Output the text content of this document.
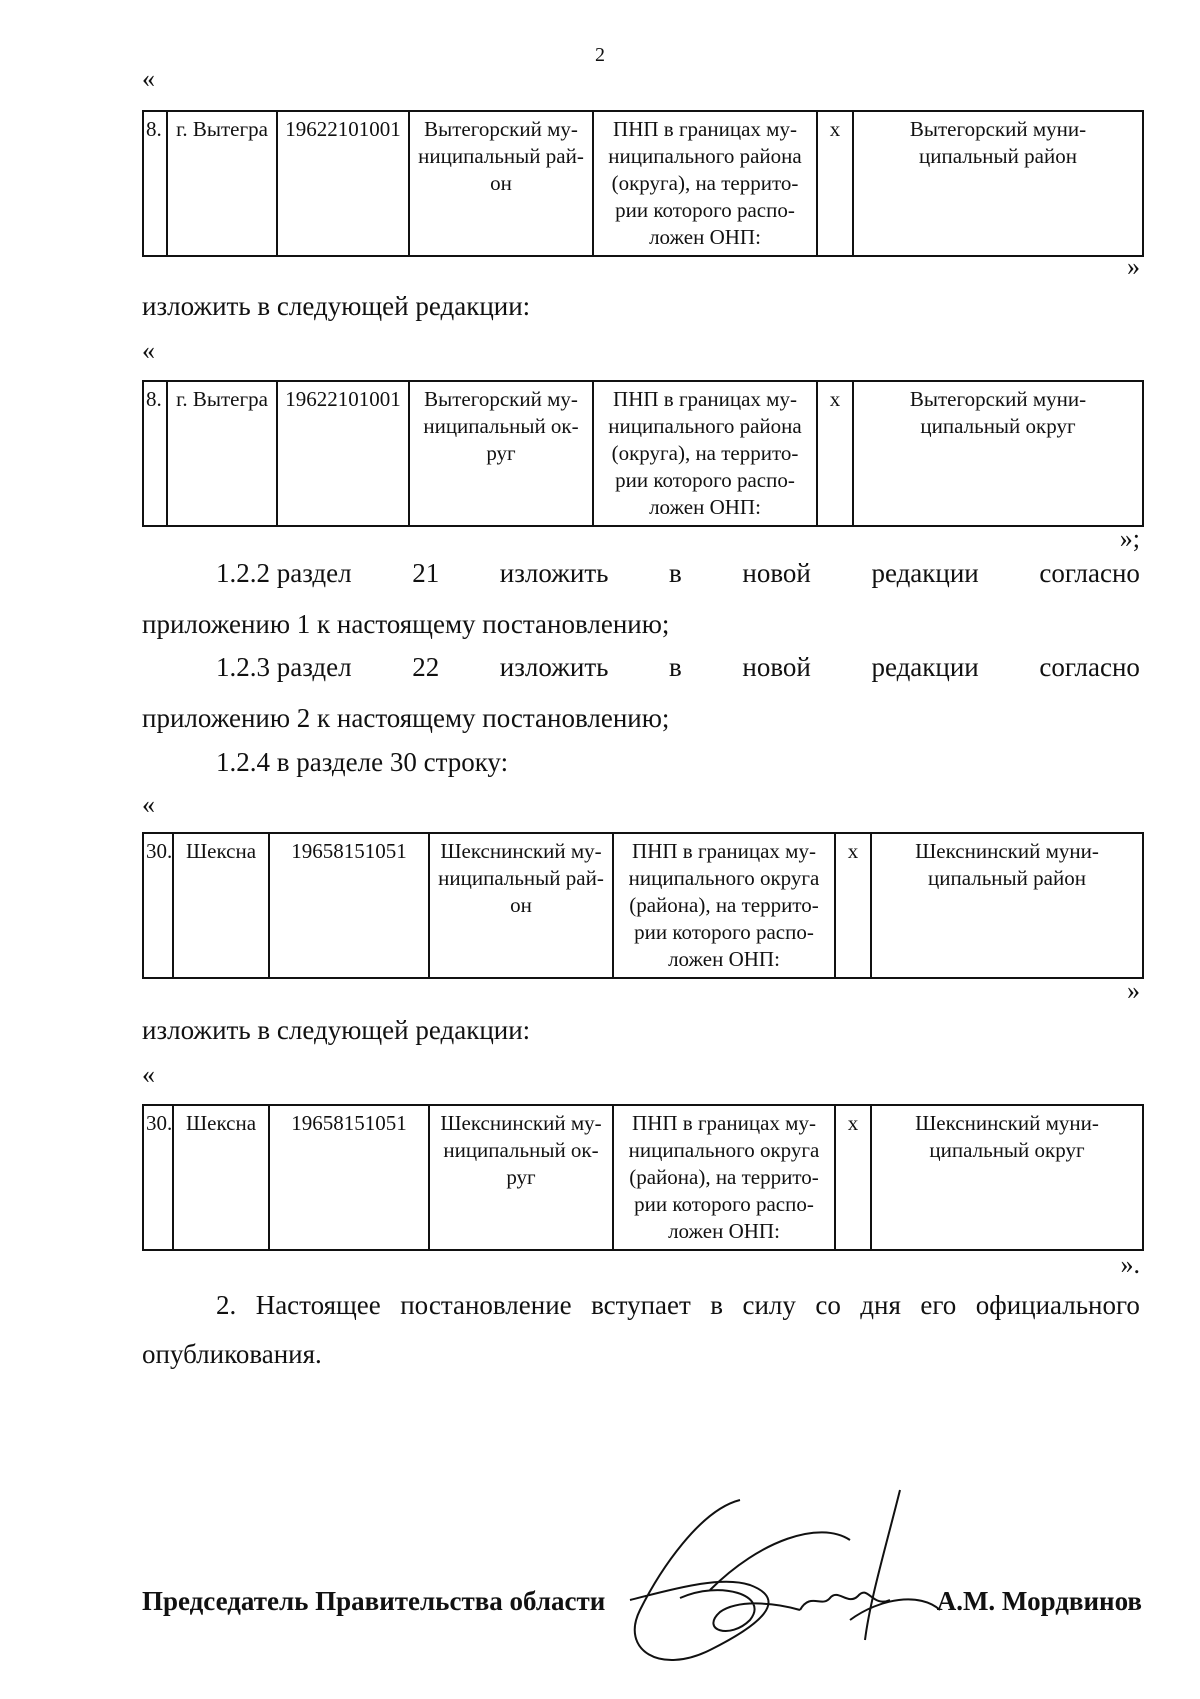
2
«
8.	г. Вытегра	19622101001	Вытегорский му-
ниципальный рай-
он	ПНП в границах му-
ниципального района
(округа), на террито-
рии которого распо-
ложен ОНП:	х	Вытегорский муни-
ципальный район
»
изложить в следующей редакции:
«
8.	г. Вытегра	19622101001	Вытегорский му-
ниципальный ок-
руг	ПНП в границах му-
ниципального района
(округа), на террито-
рии которого распо-
ложен ОНП:	х	Вытегорский муни-
ципальный округ
»;
1.2.2 раздел 21 изложить в новой редакции согласно
приложению 1 к настоящему постановлению;
1.2.3 раздел 22 изложить в новой редакции согласно
приложению 2 к настоящему постановлению;
1.2.4 в разделе 30 строку:
«
30.	Шексна	19658151051	Шекснинский му-
ниципальный рай-
он	ПНП в границах му-
ниципального округа
(района), на террито-
рии которого распо-
ложен ОНП:	х	Шекснинский муни-
ципальный район
»
изложить в следующей редакции:
«
30.	Шексна	19658151051	Шекснинский му-
ниципальный ок-
руг	ПНП в границах му-
ниципального округа
(района), на террито-
рии которого распо-
ложен ОНП:	х	Шекснинский муни-
ципальный округ
».
2. Настоящее постановление вступает в силу со дня его официального
опубликования.
Председатель Правительства области	А.М. Мордвинов
